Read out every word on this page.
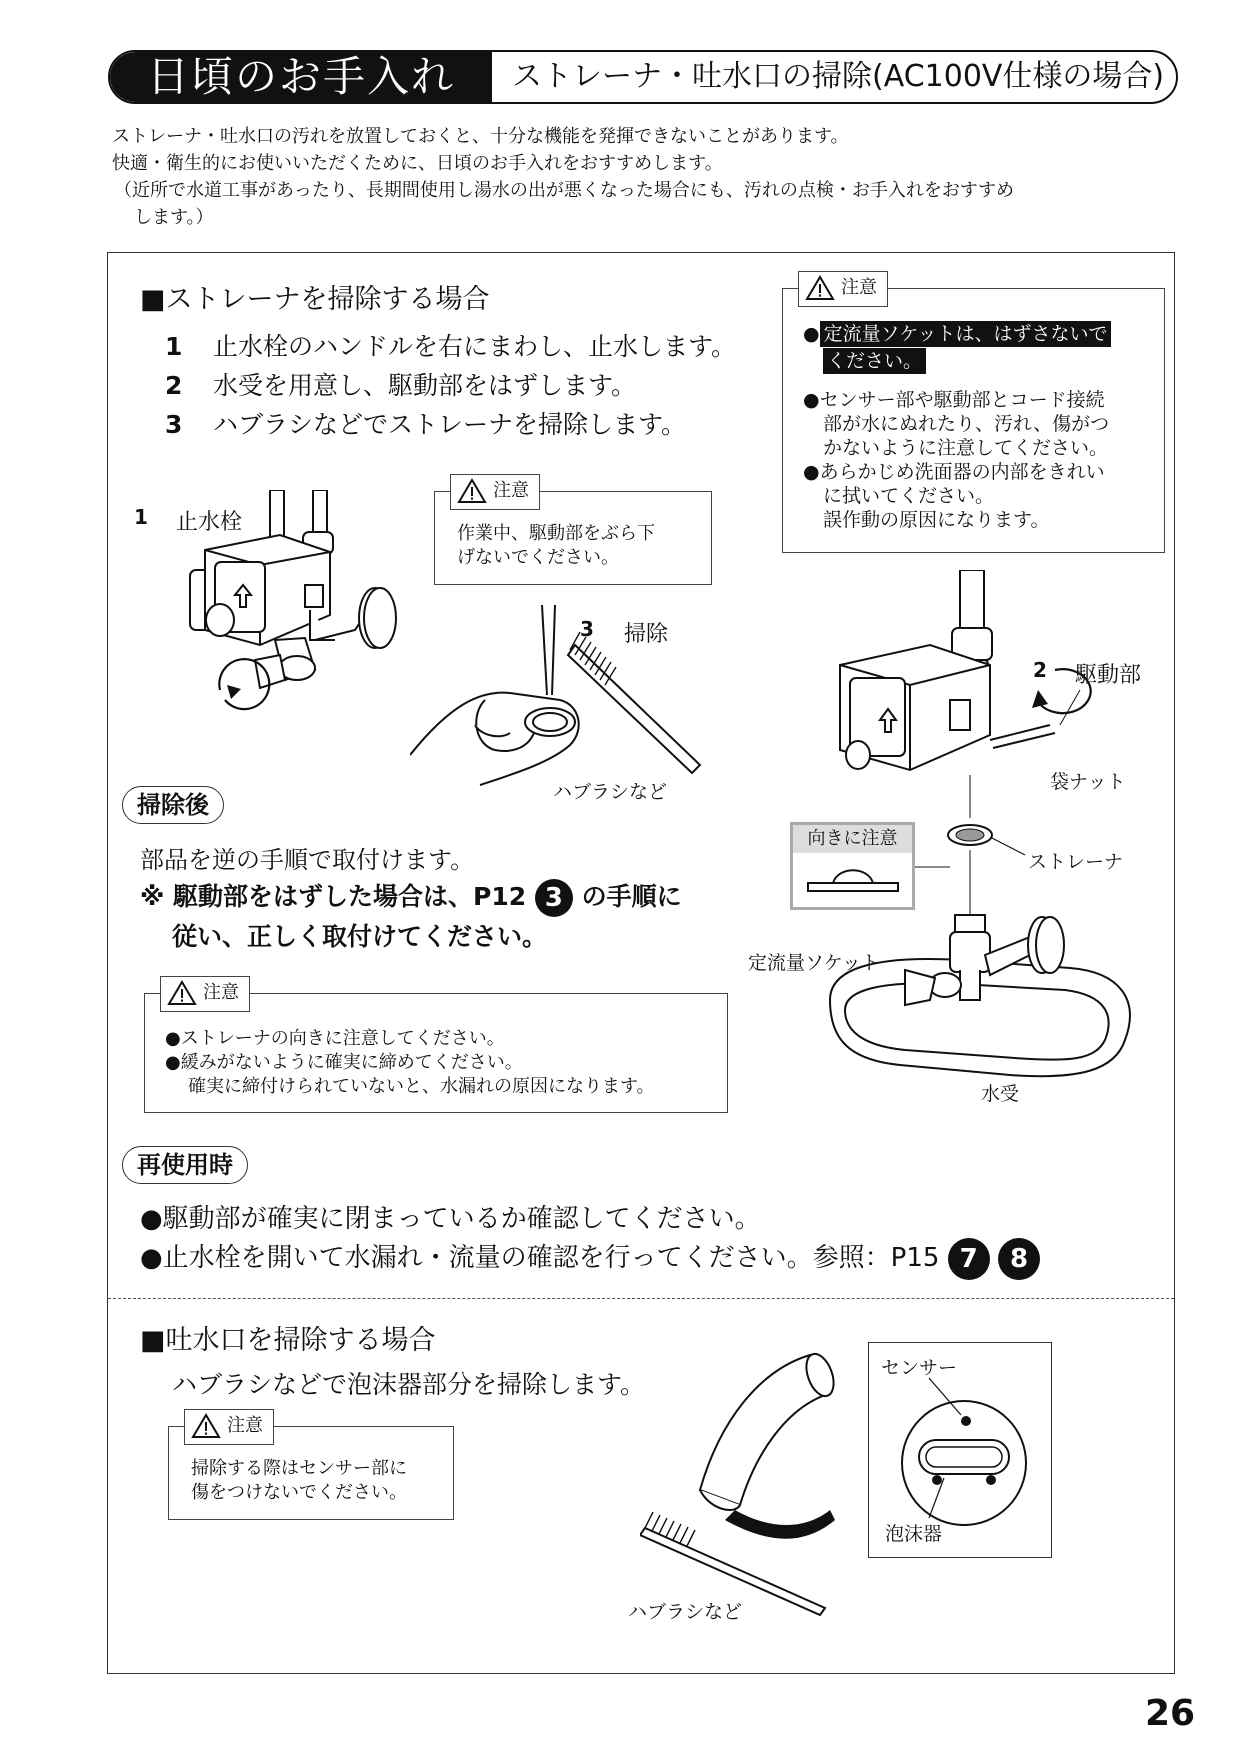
日頃のお手入れ	ストレーナ・吐水口の掃除(AC100V仕様の場合)
ストレーナ・吐水口の汚れを放置しておくと、十分な機能を発揮できないことがあります。
快適・衛生的にお使いいただくために、日頃のお手入れをおすすめします。
（近所で水道工事があったり、長期間使用し湯水の出が悪くなった場合にも、汚れの点検・お手入れをおすすめ
します。）
■ストレーナを掃除する場合
1 止水栓のハンドルを右にまわし、止水します。
2 水受を用意し、駆動部をはずします。
3 ハブラシなどでストレーナを掃除します。
注意
● 定流量ソケットは、はずさないで
ください。
●センサー部や駆動部とコード接続
部が水にぬれたり、汚れ、傷がつ
かないように注意してください。
●あらかじめ洗面器の内部をきれい
に拭いてください。
誤作動の原因になります。
注意
作業中、駆動部をぶら下
げないでください。
1 止水栓
3 掃除
ハブラシなど
2 駆動部
袋ナット
ストレーナ
定流量ソケット
水受
向きに注意
掃除後
部品を逆の手順で取付けます。
※ 駆動部をはずした場合は、P12 3 の手順に
従い、正しく取付けてください。
注意
●ストレーナの向きに注意してください。
●緩みがないように確実に締めてください。
確実に締付けられていないと、水漏れの原因になります。
再使用時
●駆動部が確実に閉まっているか確認してください。
●止水栓を開いて水漏れ・流量の確認を行ってください。参照：P15 7 8
■吐水口を掃除する場合
ハブラシなどで泡沫器部分を掃除します。
注意
掃除する際はセンサー部に
傷をつけないでください。
ハブラシなど
センサー
泡沫器
26
